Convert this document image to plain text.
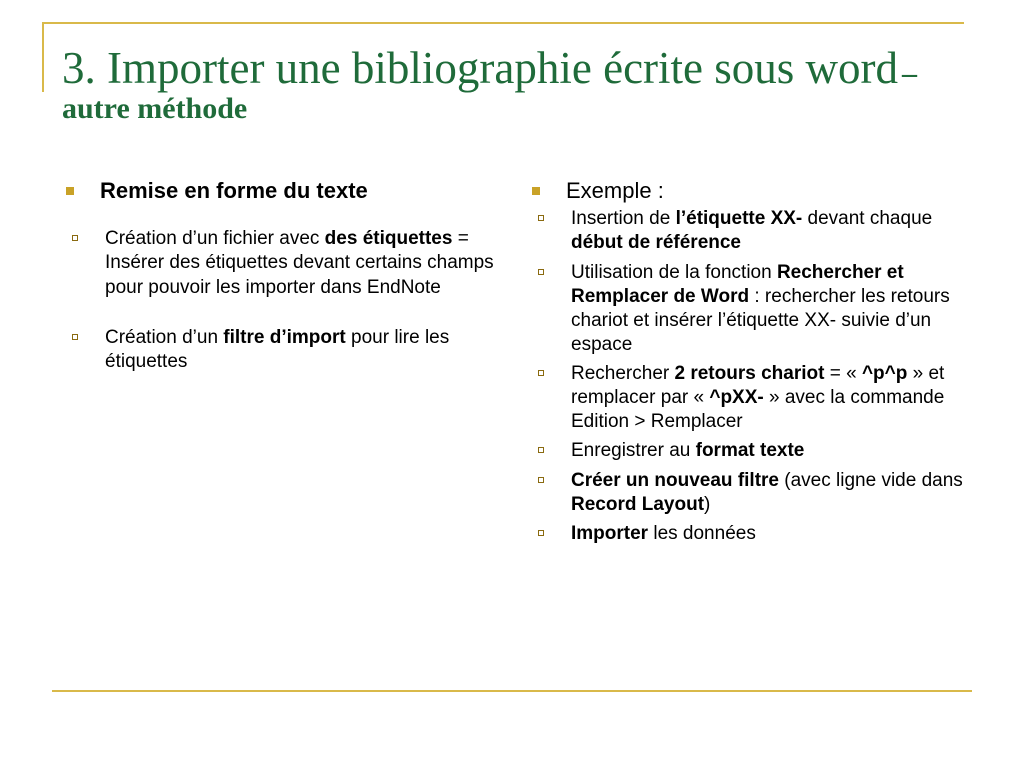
3. Importer une bibliographie écrite sous word – autre méthode
Remise en forme du texte
Création d’un fichier avec des étiquettes = Insérer des étiquettes devant certains champs pour pouvoir les importer dans EndNote
Création d’un filtre d’import pour lire les étiquettes
Exemple :
Insertion de l’étiquette XX- devant chaque début de référence
Utilisation de la fonction Rechercher et Remplacer de Word : rechercher les retours chariot et insérer l’étiquette XX- suivie d’un espace
Rechercher 2 retours chariot = « ^p^p » et remplacer par « ^pXX- » avec la commande Edition > Remplacer
Enregistrer au format texte
Créer un nouveau filtre (avec ligne vide dans Record Layout)
Importer les données
